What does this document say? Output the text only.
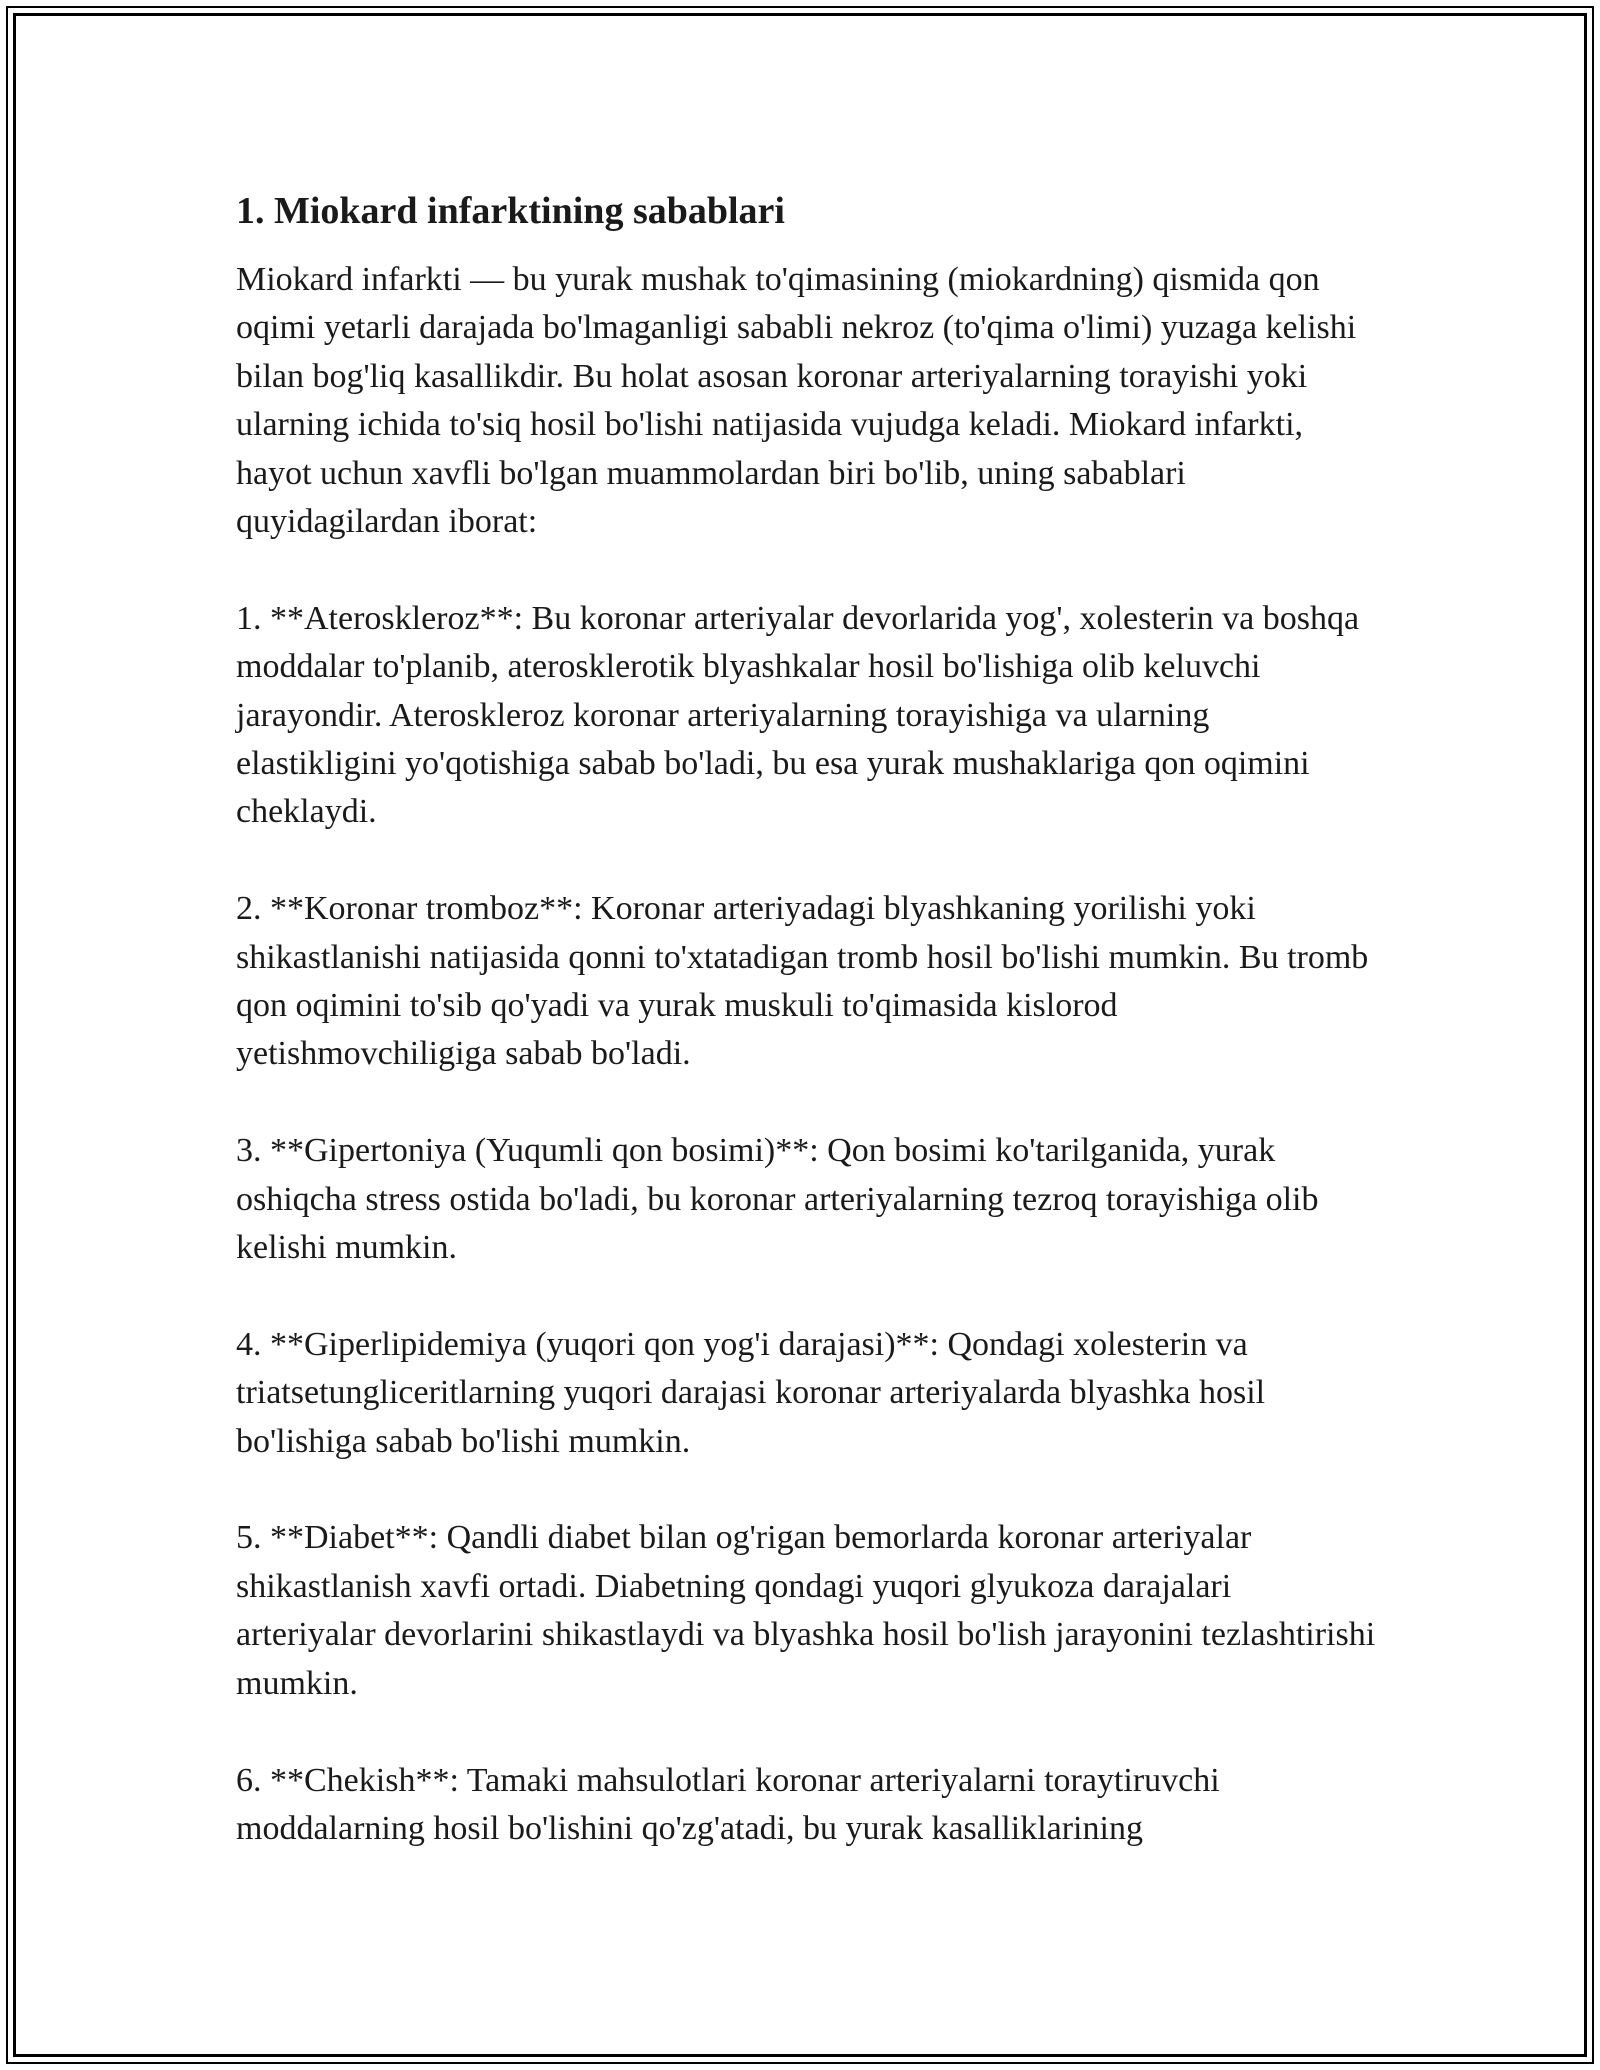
1. Miokard infarktining sabablari

Miokard infarkti — bu yurak mushak to'qimasining (miokardning) qismida qon oqimi yetarli darajada bo'lmaganligi sababli nekroz (to'qima o'limi) yuzaga kelishi bilan bog'liq kasallikdir. Bu holat asosan koronar arteriyalarning torayishi yoki ularning ichida to'siq hosil bo'lishi natijasida vujudga keladi. Miokard infarkti, hayot uchun xavfli bo'lgan muammolardan biri bo'lib, uning sabablari quyidagilardan iborat:

1. **Ateroskleroz**: Bu koronar arteriyalar devorlarida yog', xolesterin va boshqa moddalar to'planib, aterosklerotik blyashkalar hosil bo'lishiga olib keluvchi jarayondir. Ateroskleroz koronar arteriyalarning torayishiga va ularning elastikligini yo'qotishiga sabab bo'ladi, bu esa yurak mushaklariga qon oqimini cheklaydi.

2. **Koronar tromboz**: Koronar arteriyadagi blyashkaning yorilishi yoki shikastlanishi natijasida qonni to'xtatadigan tromb hosil bo'lishi mumkin. Bu tromb qon oqimini to'sib qo'yadi va yurak muskuli to'qimasida kislorod yetishmovchiligiga sabab bo'ladi.

3. **Gipertoniya (Yuqumli qon bosimi)**: Qon bosimi ko'tarilganida, yurak oshiqcha stress ostida bo'ladi, bu koronar arteriyalarning tezroq torayishiga olib kelishi mumkin.

4. **Giperlipidemiya (yuqori qon yog'i darajasi)**: Qondagi xolesterin va triatsetungliceritlarning yuqori darajasi koronar arteriyalarda blyashka hosil bo'lishiga sabab bo'lishi mumkin.

5. **Diabet**: Qandli diabet bilan og'rigan bemorlarda koronar arteriyalar shikastlanish xavfi ortadi. Diabetning qondagi yuqori glyukoza darajalari arteriyalar devorlarini shikastlaydi va blyashka hosil bo'lish jarayonini tezlashtirishi mumkin.

6. **Chekish**: Tamaki mahsulotlari koronar arteriyalarni toraytiruvchi moddalarning hosil bo'lishini qo'zg'atadi, bu yurak kasalliklarining
